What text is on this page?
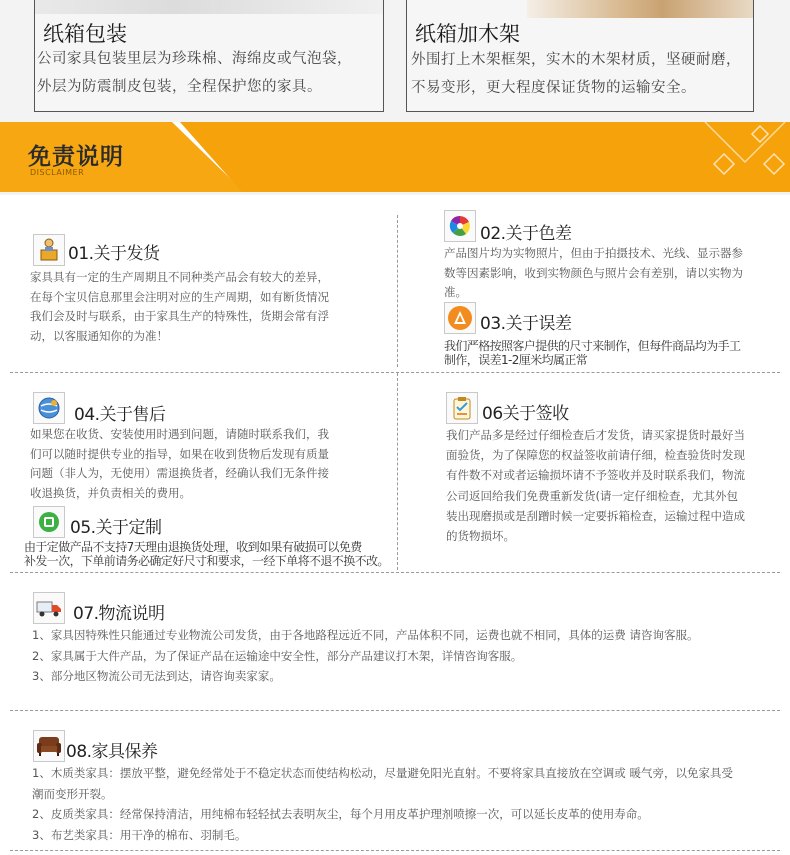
纸箱包装

公司家具包装里层为珍珠棉、海绵皮或气泡袋，

外层为防震制皮包装，全程保护您的家具。

纸箱加木架

外围打上木架框架，实木的木架材质，坚硬耐磨，

不易变形，更大程度保证货物的运输安全。

免责说明
DISCLAIMER
01.关于发货

家具具有一定的生产周期且不同种类产品会有较大的差异，

在每个宝贝信息那里会注明对应的生产周期，如有断货情况

我们会及时与联系，由于家具生产的特殊性，货期会常有浮

动，以客服通知你的为准！

02.关于色差

产品图片均为实物照片，但由于拍摄技术、光线、显示器参

数等因素影响，收到实物颜色与照片会有差别，请以实物为

准。

03.关于误差

我们严格按照客户提供的尺寸来制作，但每件商品均为手工

制作，误差1-2厘米均属正常

04.关于售后

如果您在收货、安装使用时遇到问题，请随时联系我们，我

们可以随时提供专业的指导，如果在收到货物后发现有质量

问题（非人为，无使用）需退换货者，经确认我们无条件接

收退换货，并负责相关的费用。

05.关于定制

由于定做产品不支持7天理由退换货处理，收到如果有破损可以免费

补发一次，下单前请务必确定好尺寸和要求，一经下单将不退不换不改。

06关于签收

我们产品多是经过仔细检查后才发货，请买家提货时最好当

面验货，为了保障您的权益签收前请仔细，检查验货时发现

有件数不对或者运输损坏请不予签收并及时联系我们，物流

公司返回给我们免费重新发货(请一定仔细检查，尤其外包

装出现磨损或是刮蹭时候一定要拆箱检查，运输过程中造成

的货物损坏。

07.物流说明

1、家具因特殊性只能通过专业物流公司发货，由于各地路程远近不同，产品体积不同，运费也就不相同，具体的运费 请咨询客服。

2、家具属于大件产品，为了保证产品在运输途中安全性，部分产品建议打木架，详情咨询客服。

3、部分地区物流公司无法到达，请咨询卖家家。

08.家具保养

1、木质类家具：摆放平整，避免经常处于不稳定状态而使结构松动，尽量避免阳光直射。不要将家具直接放在空调或 暖气旁，以免家具受

潮而变形开裂。

2、皮质类家具：经常保持清洁，用纯棉布轻轻拭去表明灰尘，每个月用皮革护理剂喷擦一次，可以延长皮革的使用寿命。

3、布艺类家具：用干净的棉布、羽制毛。
